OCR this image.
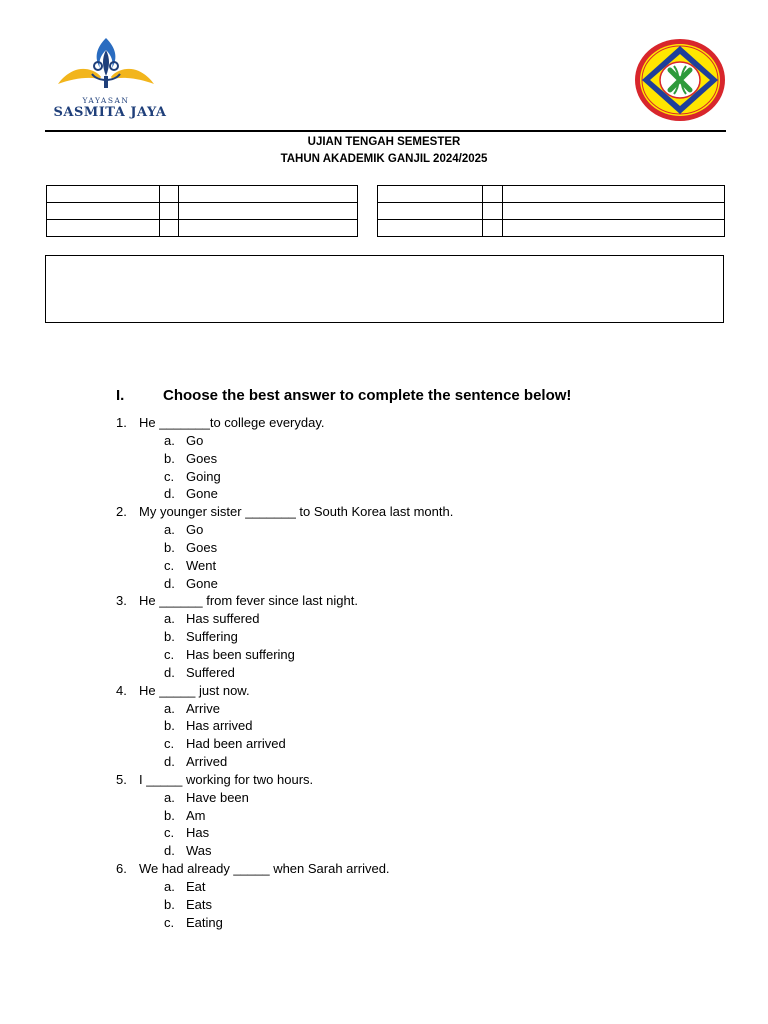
YAYASAN
SASMITA JAYA
UJIAN TENGAH SEMESTER
TAHUN AKADEMIK GANJIL 2024/2025

I.	Choose the best answer to complete the sentence below!
1. He _______to college everyday.
a. Go
b. Goes
c. Going
d. Gone
2. My younger sister _______ to South Korea last month.
a. Go
b. Goes
c. Went
d. Gone
3. He ______ from fever since last night.
a. Has suffered
b. Suffering
c. Has been suffering
d. Suffered
4. He _____ just now.
a. Arrive
b. Has arrived
c. Had been arrived
d. Arrived
5. I _____ working for two hours.
a. Have been
b. Am
c. Has
d. Was
6. We had already _____ when Sarah arrived.
a. Eat
b. Eats
c. Eating
